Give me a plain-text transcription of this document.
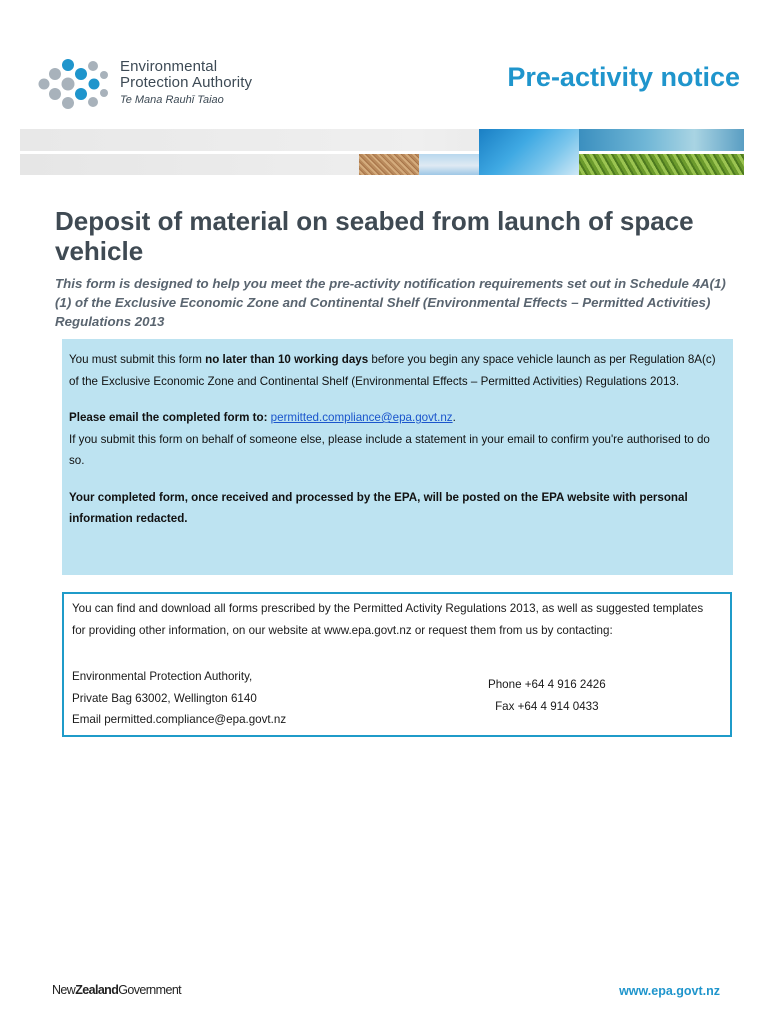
Environmental
Protection Authority
Te Mana Rauhī Taiao
Pre-activity notice
Deposit of material on seabed from launch of space vehicle

This form is designed to help you meet the pre-activity notification requirements set out in Schedule 4A(1)(1) of the Exclusive Economic Zone and Continental Shelf (Environmental Effects – Permitted Activities) Regulations 2013

You must submit this form no later than 10 working days before you begin any space vehicle launch as per Regulation 8A(c) of the Exclusive Economic Zone and Continental Shelf (Environmental Effects – Permitted Activities) Regulations 2013.

Please email the completed form to: permitted.compliance@epa.govt.nz.

If you submit this form on behalf of someone else, please include a statement in your email to confirm you're authorised to do so.

Your completed form, once received and processed by the EPA, will be posted on the EPA website with personal information redacted.

You can find and download all forms prescribed by the Permitted Activity Regulations 2013, as well as suggested templates for providing other information, on our website at www.epa.govt.nz or request them from us by contacting:

Environmental Protection Authority,
Private Bag 63002, Wellington 6140
Email permitted.compliance@epa.govt.nz
Phone +64 4 916 2426
Fax +64 4 914 0433
NewZealandGovernment	www.epa.govt.nz
